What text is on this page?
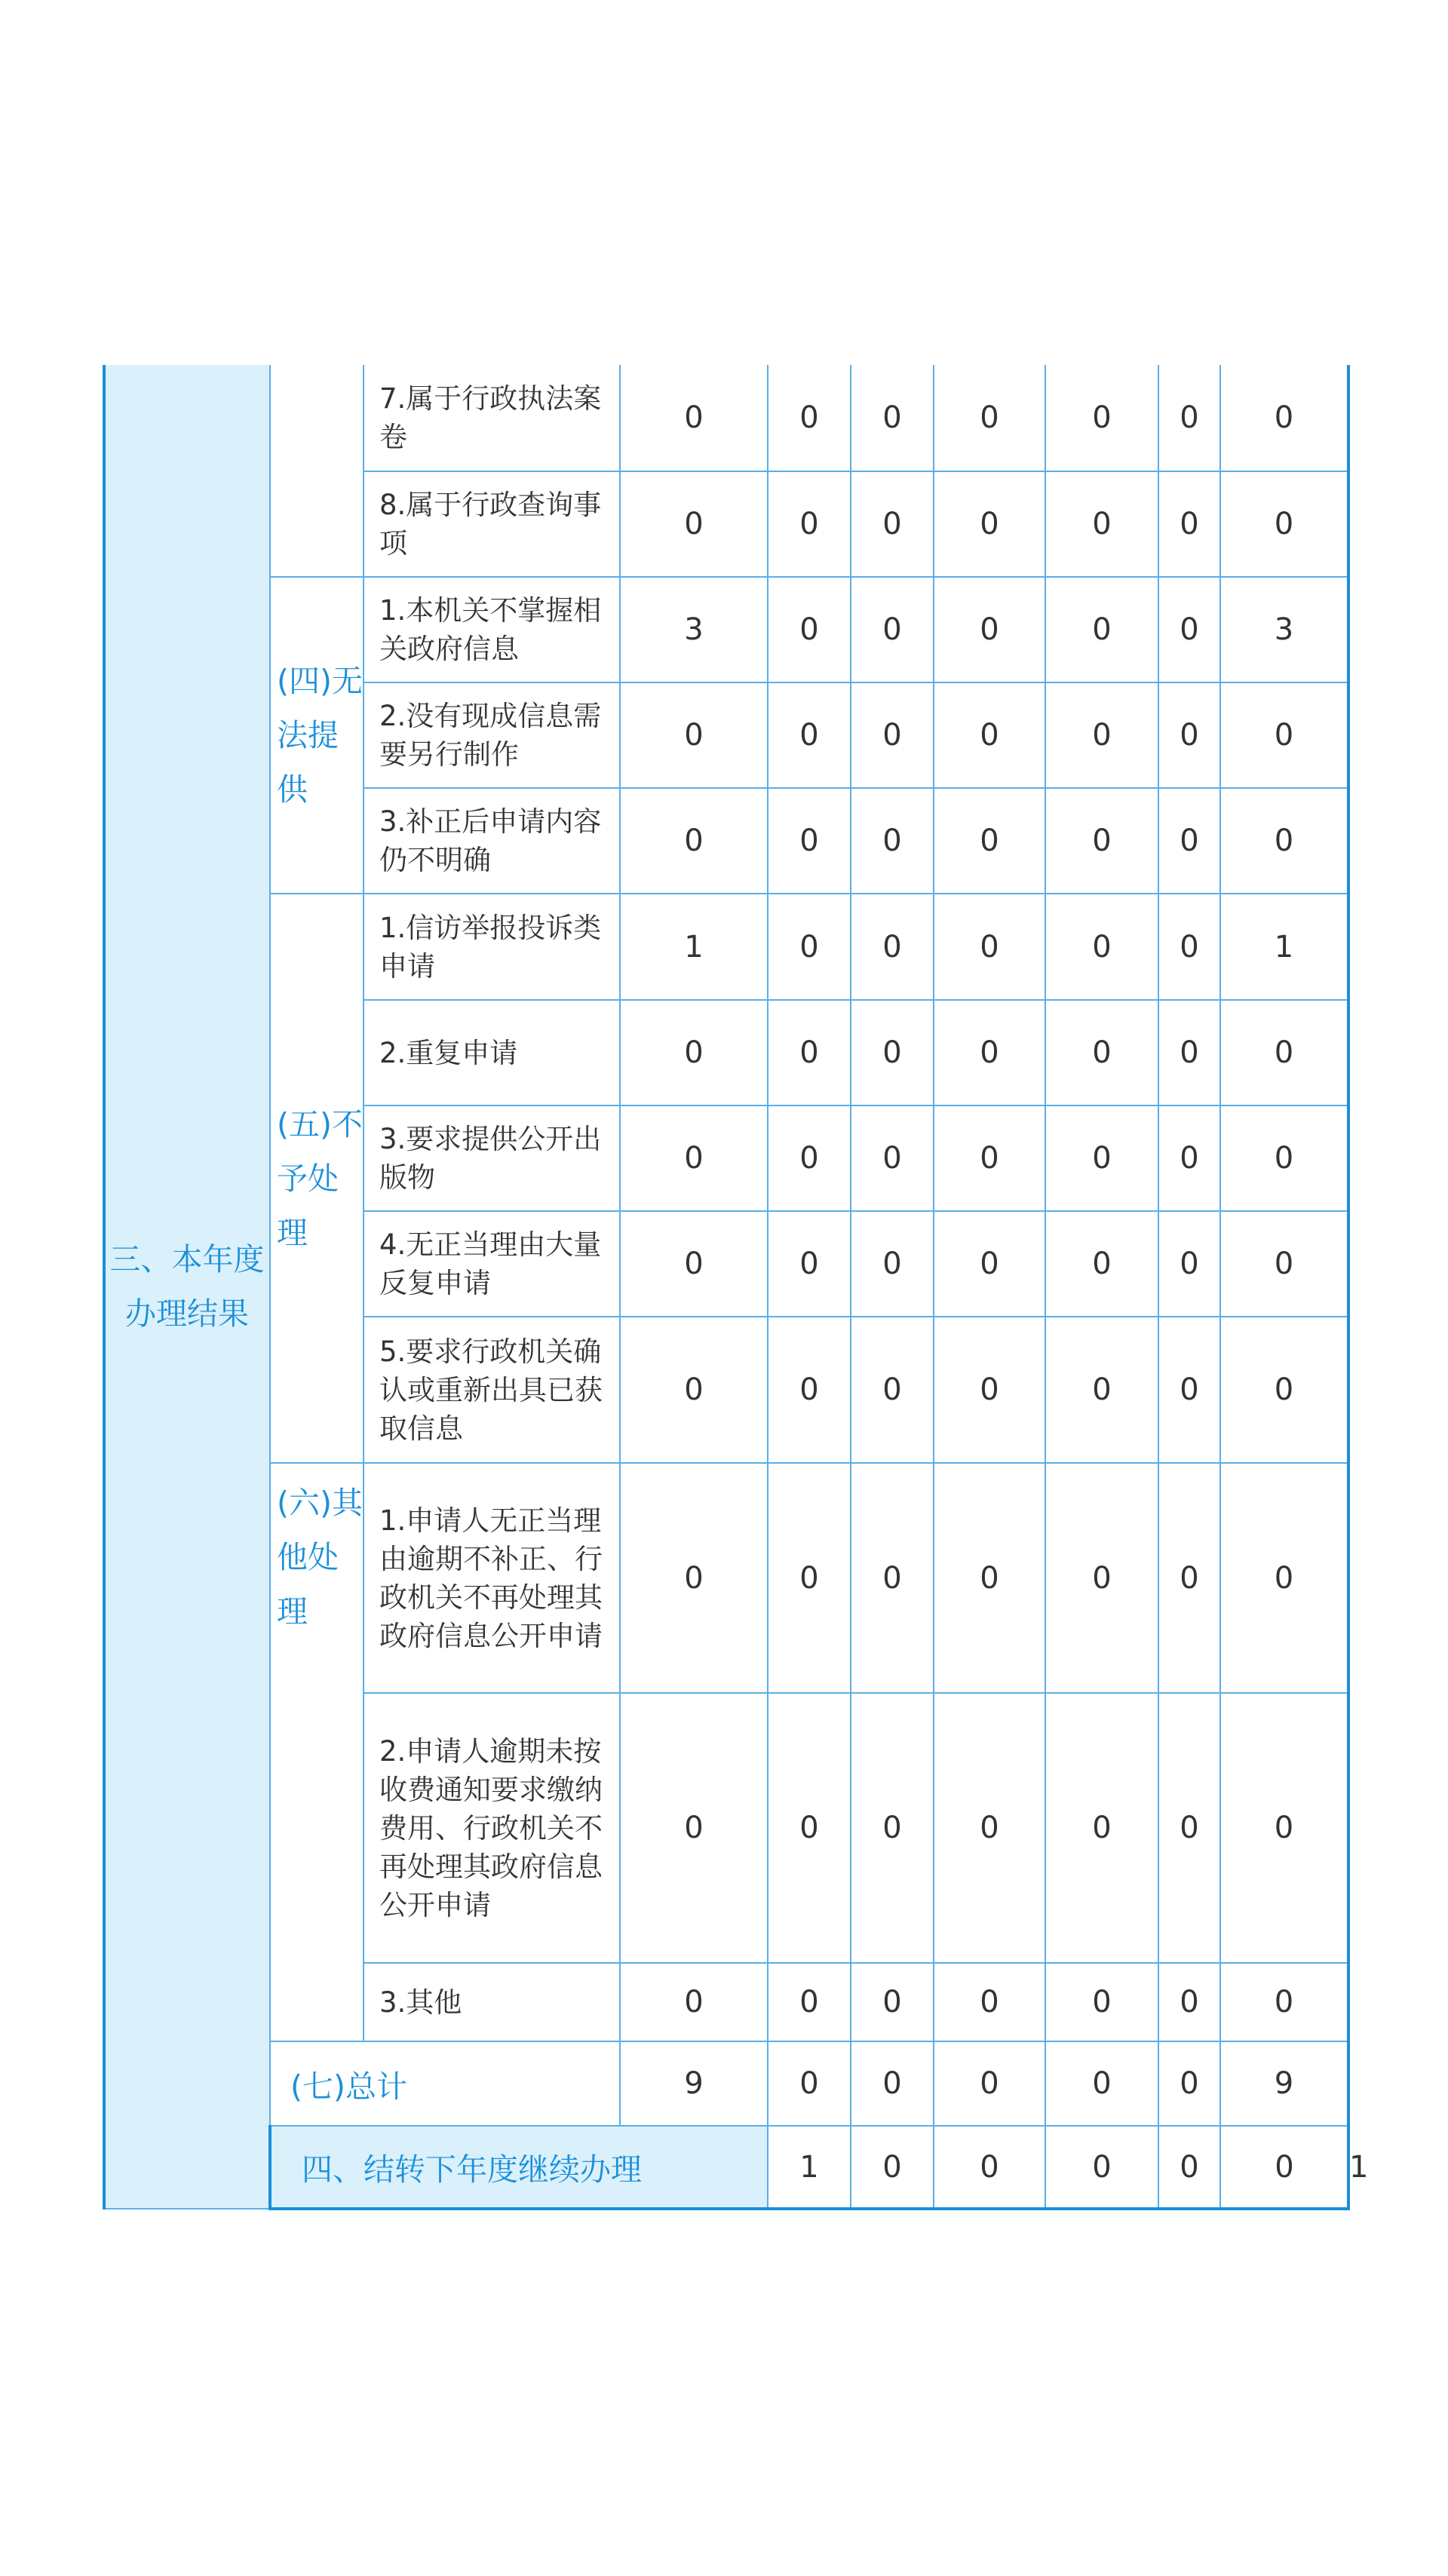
三、本年度办理结果		7.属于行政执法案卷	0	0	0	0	0	0	0	
		8.属于行政查询事项	0	0	0	0	0	0	0	
	(四)无法提供	1.本机关不掌握相关政府信息	3	0	0	0	0	0	3	
		2.没有现成信息需要另行制作	0	0	0	0	0	0	0	
		3.补正后申请内容仍不明确	0	0	0	0	0	0	0	
	(五)不予处理	1.信访举报投诉类申请	1	0	0	0	0	0	1	
		2.重复申请	0	0	0	0	0	0	0	
		3.要求提供公开出版物	0	0	0	0	0	0	0	
		4.无正当理由大量反复申请	0	0	0	0	0	0	0	
		5.要求行政机关确认或重新出具已获取信息	0	0	0	0	0	0	0	
	(六)其他处理	1.申请人无正当理由逾期不补正、行政机关不再处理其政府信息公开申请	0	0	0	0	0	0	0	
		2.申请人逾期未按收费通知要求缴纳费用、行政机关不再处理其政府信息公开申请	0	0	0	0	0	0	0	
		3.其他	0	0	0	0	0	0	0	
	(七)总计		9	0	0	0	0	0	9	
	四、结转下年度继续办理			1	0	0	0	0	0	1
